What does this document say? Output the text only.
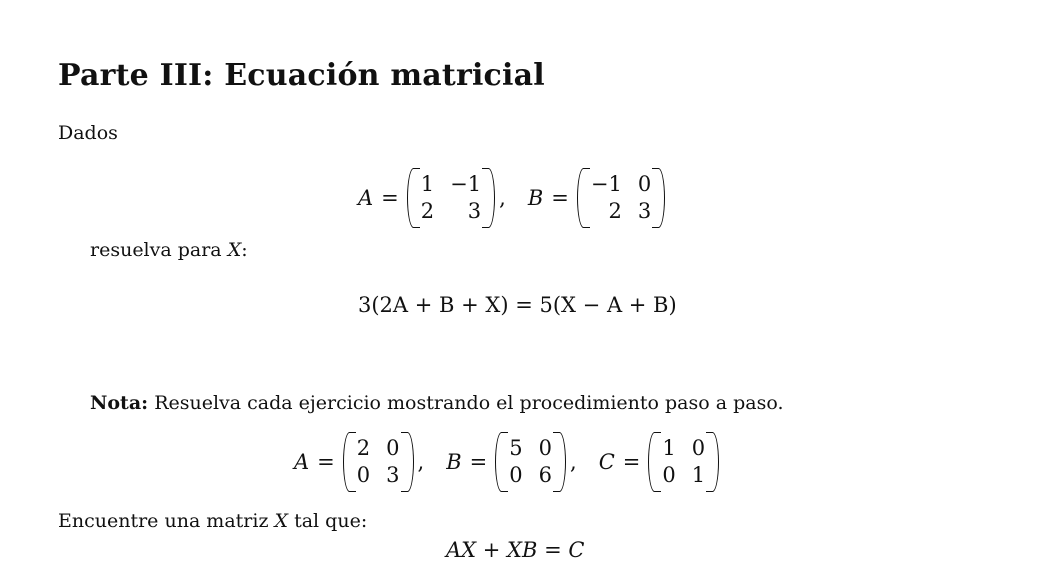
Parte III: Ecuación matricial
Dados
A =
1 −1
2	3
, B =
−1 0
2 3
resuelva para X:
3(2A + B + X) = 5(X − A + B)
Nota: Resuelva cada ejercicio mostrando el procedimiento paso a paso.
A =
2 0
0 3
, B =
5 0
0 6
, C =
1 0
0 1
Encuentre una matriz X tal que:
AX + XB = C
